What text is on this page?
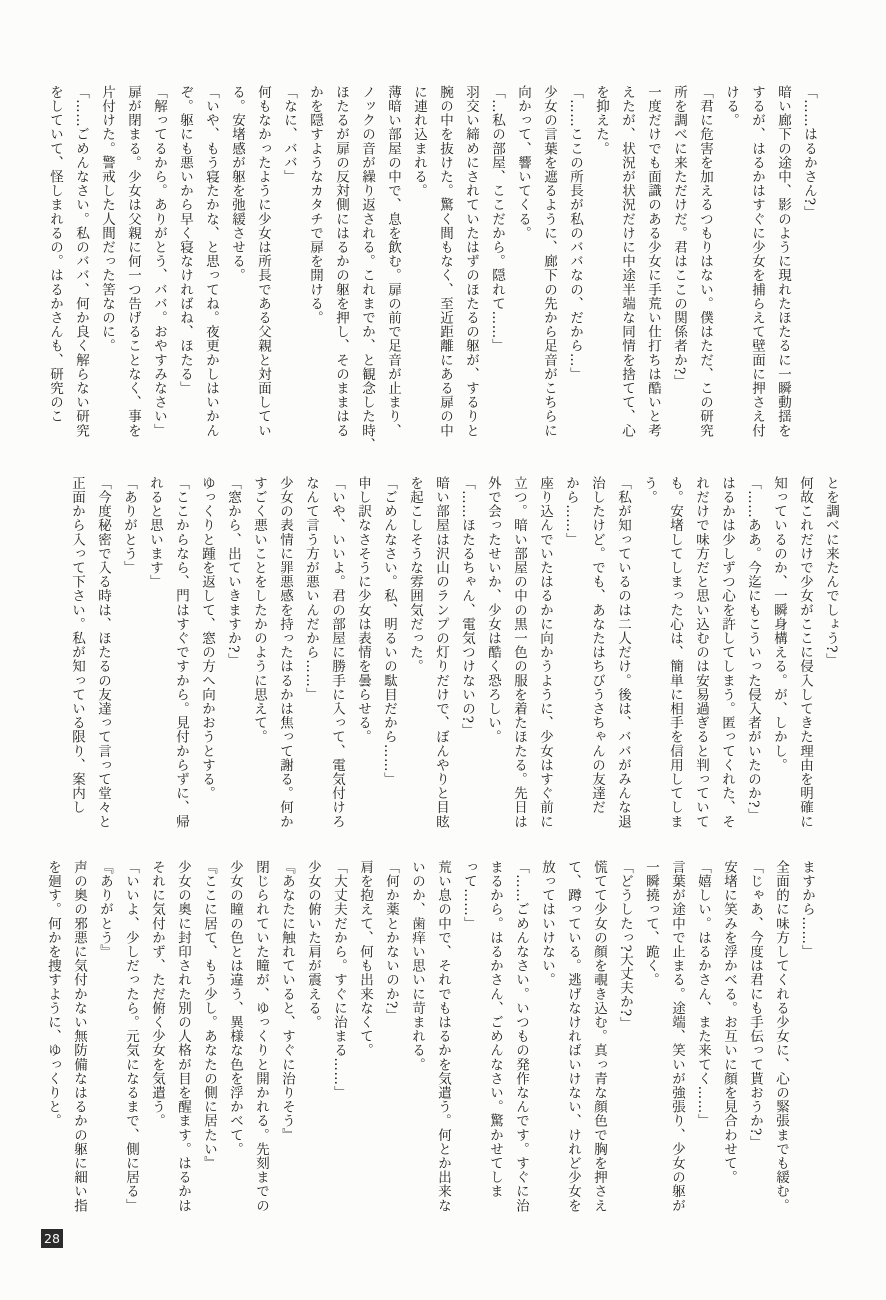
「……はるかさん?」

暗い廊下の途中、影のように現れたほたるに一瞬動揺を

するが、はるかはすぐに少女を捕らえて壁面に押さえ付

ける。

「君に危害を加えるつもりはない。僕はただ、この研究

所を調べに来ただけだ。君はここの関係者か?」

一度だけでも面識のある少女に手荒い仕打ちは酷いと考

えたが、状況が状況だけに中途半端な同情を捨てて、心

を抑えた。

「……ここの所長が私のババなの、だから…」

少女の言葉を遮るように、廊下の先から足音がこちらに

向かって、響いてくる。

「…私の部屋、ここだから。隠れて……」

羽交い締めにされていたはずのほたるの躯が、するりと

腕の中を抜けた。驚く間もなく、至近距離にある扉の中

に連れ込まれる。

薄暗い部屋の中で、息を飲む。扉の前で足音が止まり、

ノックの音が繰り返される。これまでか、と観念した時、

ほたるが扉の反対側にはるかの躯を押し、そのままはる

かを隠すようなカタチで扉を開ける。

「なに、ババ」

何もなかったように少女は所長である父親と対面してい

る。安堵感が躯を弛緩させる。

「いや、もう寝たかな、と思ってね。夜更かしはいかん

ぞ。躯にも悪いから早く寝なければね、ほたる」

「解ってるから。ありがとう、ババ。おやすみなさい」

扉が閉まる。少女は父親に何一つ告げることなく、事を

片付けた。警戒した人間だった筈なのに。

「……ごめんなさい。私のババ、何か良く解らない研究

をしていて、怪しまれるの。はるかさんも、研究のこ

とを調べに来たんでしょう?」

何故これだけで少女がここに侵入してきた理由を明確に

知っているのか、一瞬身構える。が、しかし。

「……ああ。今迄にもこういった侵入者がいたのか?」

はるかは少しずつ心を許してしまう。匿ってくれた、そ

れだけで味方だと思い込むのは安易過ぎると判っていて

も。安堵してしまった心は、簡単に相手を信用してしま

う。

「私が知っているのは二人だけ。後は、ババがみんな退

治したけど。でも、あなたはちびうさちゃんの友達だ

から……」

座り込んでいたはるかに向かうように、少女はすぐ前に

立つ。暗い部屋の中の黒一色の服を着たほたる。先日は

外で会ったせいか、少女は酷く恐ろしい。

「……ほたるちゃん、電気つけないの?」

暗い部屋は沢山のランプの灯りだけで、ぼんやりと目眩

を起こしそうな雰囲気だった。

「ごめんなさい。私、明るいの駄目だから……」

申し訳なさそうに少女は表情を曇らせる。

「いや、いいよ。君の部屋に勝手に入って、電気付けろ

なんて言う方が悪いんだから……」

少女の表情に罪悪感を持ったはるかは焦って謝る。何か

すごく悪いことをしたかのように思えて。

「窓から、出ていきますか?」

ゆっくりと踵を返して、窓の方へ向かおうとする。

「ここからなら、門はすぐですから。見付からずに、帰

れると思います」

「ありがとう」

「今度秘密で入る時は、ほたるの友達って言って堂々と

正面から入って下さい。私が知っている限り、案内し

ますから……」

全面的に味方してくれる少女に、心の緊張までも緩む。

「じゃあ、今度は君にも手伝って貰おうか?」

安堵に笑みを浮かべる。お互いに顔を見合わせて。

「嬉しい。はるかさん、また来てく……」

言葉が途中で止まる。途端、笑いが強張り、少女の躯が

一瞬撓って、跪く。

「どうしたっ?大丈夫か?」

慌てて少女の顔を覗き込む。真っ青な顔色で胸を押さえ

て、蹲っている。逃げなければいけない、けれど少女を

放ってはいけない。

「……ごめんなさい。いつもの発作なんです。すぐに治

まるから。はるかさん、ごめんなさい。驚かせてしま

って……」

荒い息の中で、それでもはるかを気遣う。何とか出来な

いのか、歯痒い思いに苛まれる。

「何か薬とかないのか?」

肩を抱えて、何も出来なくて。

「大丈夫だから。すぐに治まる……」

少女の俯いた肩が震える。

『あなたに触れていると、すぐに治りそう』

閉じられていた瞳が、ゆっくりと開かれる。先刻までの

少女の瞳の色とは違う、異様な色を浮かべて。

『ここに居て、もう少し。あなたの側に居たい』

少女の奥に封印された別の人格が目を醒ます。はるかは

それに気付かず、ただ俯く少女を気遣う。

「いいよ、少しだったら。元気になるまで、側に居る」

『ありがとう』

声の奥の邪悪に気付かない無防備なはるかの躯に細い指

を廻す。何かを捜すように、ゆっくりと。

28
